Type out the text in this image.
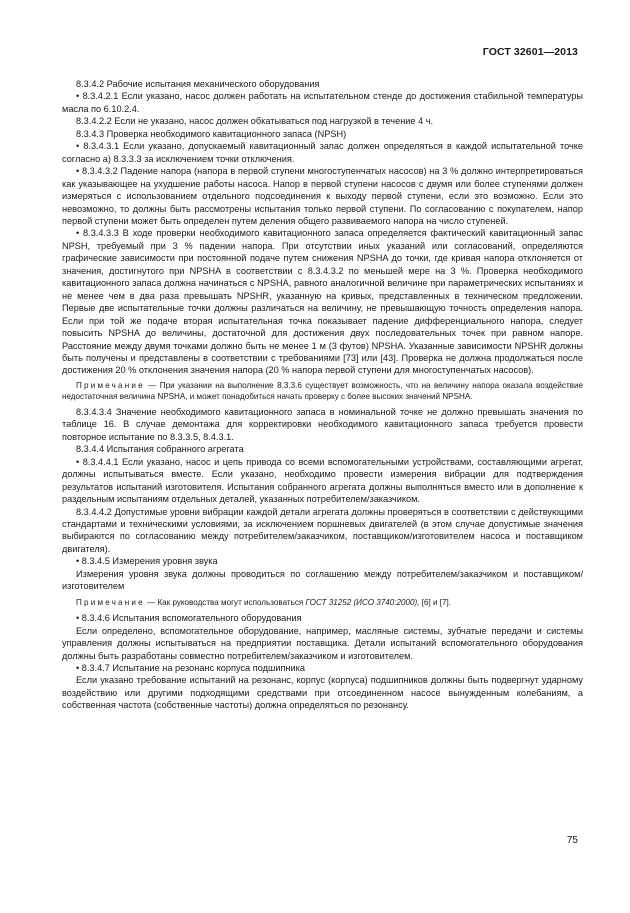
ГОСТ 32601—2013

8.3.4.2 Рабочие испытания механического оборудования

• 8.3.4.2.1 Если указано, насос должен работать на испытательном стенде до достижения стабильной температуры масла по 6.10.2.4.

8.3.4.2.2 Если не указано, насос должен обкатываться под нагрузкой в течение 4 ч.

8.3.4.3 Проверка необходимого кавитационного запаса (NPSH)

• 8.3.4.3.1 Если указано, допускаемый кавитационный запас должен определяться в каждой испытательной точке согласно а) 8.3.3.3 за исключением точки отключения.

• 8.3.4.3.2 Падение напора (напора в первой ступени многоступенчатых насосов) на 3 % должно интерпретироваться как указывающее на ухудшение работы насоса. Напор в первой ступени насосов с двумя или более ступенями должен измеряться с использованием отдельного подсоединения к выходу первой ступени, если это возможно. Если это невозможно, то должны быть рассмотрены испытания только первой ступени. По согласованию с покупателем, напор первой ступени может быть определен путем деления общего развиваемого напора на число ступеней.

• 8.3.4.3.3 В ходе проверки необходимого кавитационного запаса определяется фактический кавитационный запас NPSH, требуемый при 3 % падении напора. При отсутствии иных указаний или согласований, определяются графические зависимости при постоянной подаче путем снижения NPSHA до точки, где кривая напора отклоняется от значения, достигнутого при NPSHA в соответствии с 8.3.4.3.2 по меньшей мере на 3 %. Проверка необходимого кавитационного запаса должна начинаться с NPSHA, равного аналогичной величине при параметрических испытаниях и не менее чем в два раза превышать NPSHR, указанную на кривых, представленных в техническом предложении. Первые две испытательные точки должны различаться на величину, не превышающую точность определения напора. Если при той же подаче вторая испытательная точка показывает падение дифференциального напора, следует повысить NPSHA до величины, достаточной для достижения двух последовательных точек при равном напоре. Расстояние между двумя точками должно быть не менее 1 м (3 футов) NPSHA. Указанные зависимости NPSHR должны быть получены и представлены в соответствии с требованиями [73] или [43]. Проверка не должна продолжаться после достижения 20 % отклонения значения напора (20 % напора первой ступени для многоступенчатых насосов).

Примечание — При указании на выполнение 8.3.3.6 существует возможность, что на величину напора оказала воздействие недостаточная величина NPSHA, и может понадобиться начать проверку с более высоких значений NPSHA.

8.3.4.3.4 Значение необходимого кавитационного запаса в номинальной точке не должно превышать значения по таблице 16. В случае демонтажа для корректировки необходимого кавитационного запаса требуется провести повторное испытание по 8.3.3.5, 8.4.3.1.

8.3.4.4 Испытания собранного агрегата

• 8.3.4.4.1 Если указано, насос и цепь привода со всеми вспомогательными устройствами, составляющими агрегат, должны испытываться вместе. Если указано, необходимо провести измерения вибрации для подтверждения результатов испытаний изготовителя. Испытания собранного агрегата должны выполняться вместо или в дополнение к раздельным испытаниям отдельных деталей, указанных потребителем/заказчиком.

8.3.4.4.2 Допустимые уровни вибрации каждой детали агрегата должны проверяться в соответствии с действующими стандартами и техническими условиями, за исключением поршневых двигателей (в этом случае допустимые значения выбираются по согласованию между потребителем/заказчиком, поставщиком/изготовителем насоса и поставщиком двигателя).

• 8.3.4.5 Измерения уровня звука

Измерения уровня звука должны проводиться по соглашению между потребителем/заказчиком и поставщиком/изготовителем

Примечание — Как руководства могут использоваться ГОСТ 31252 (ИСО 3740:2000), [6] и [7].

• 8.3.4.6 Испытания вспомогательного оборудования

Если определено, вспомогательное оборудование, например, масляные системы, зубчатые передачи и системы управления должны испытываться на предприятии поставщика. Детали испытаний вспомогательного оборудования должны быть разработаны совместно потребителем/заказчиком и изготовителем.

• 8.3.4.7 Испытание на резонанс корпуса подшипника

Если указано требование испытаний на резонанс, корпус (корпуса) подшипников должны быть подвергнут ударному воздействию или другими подходящими средствами при отсоединенном насосе вынужденным колебаниям, а собственная частота (собственные частоты) должна определяться по резонансу.

75
